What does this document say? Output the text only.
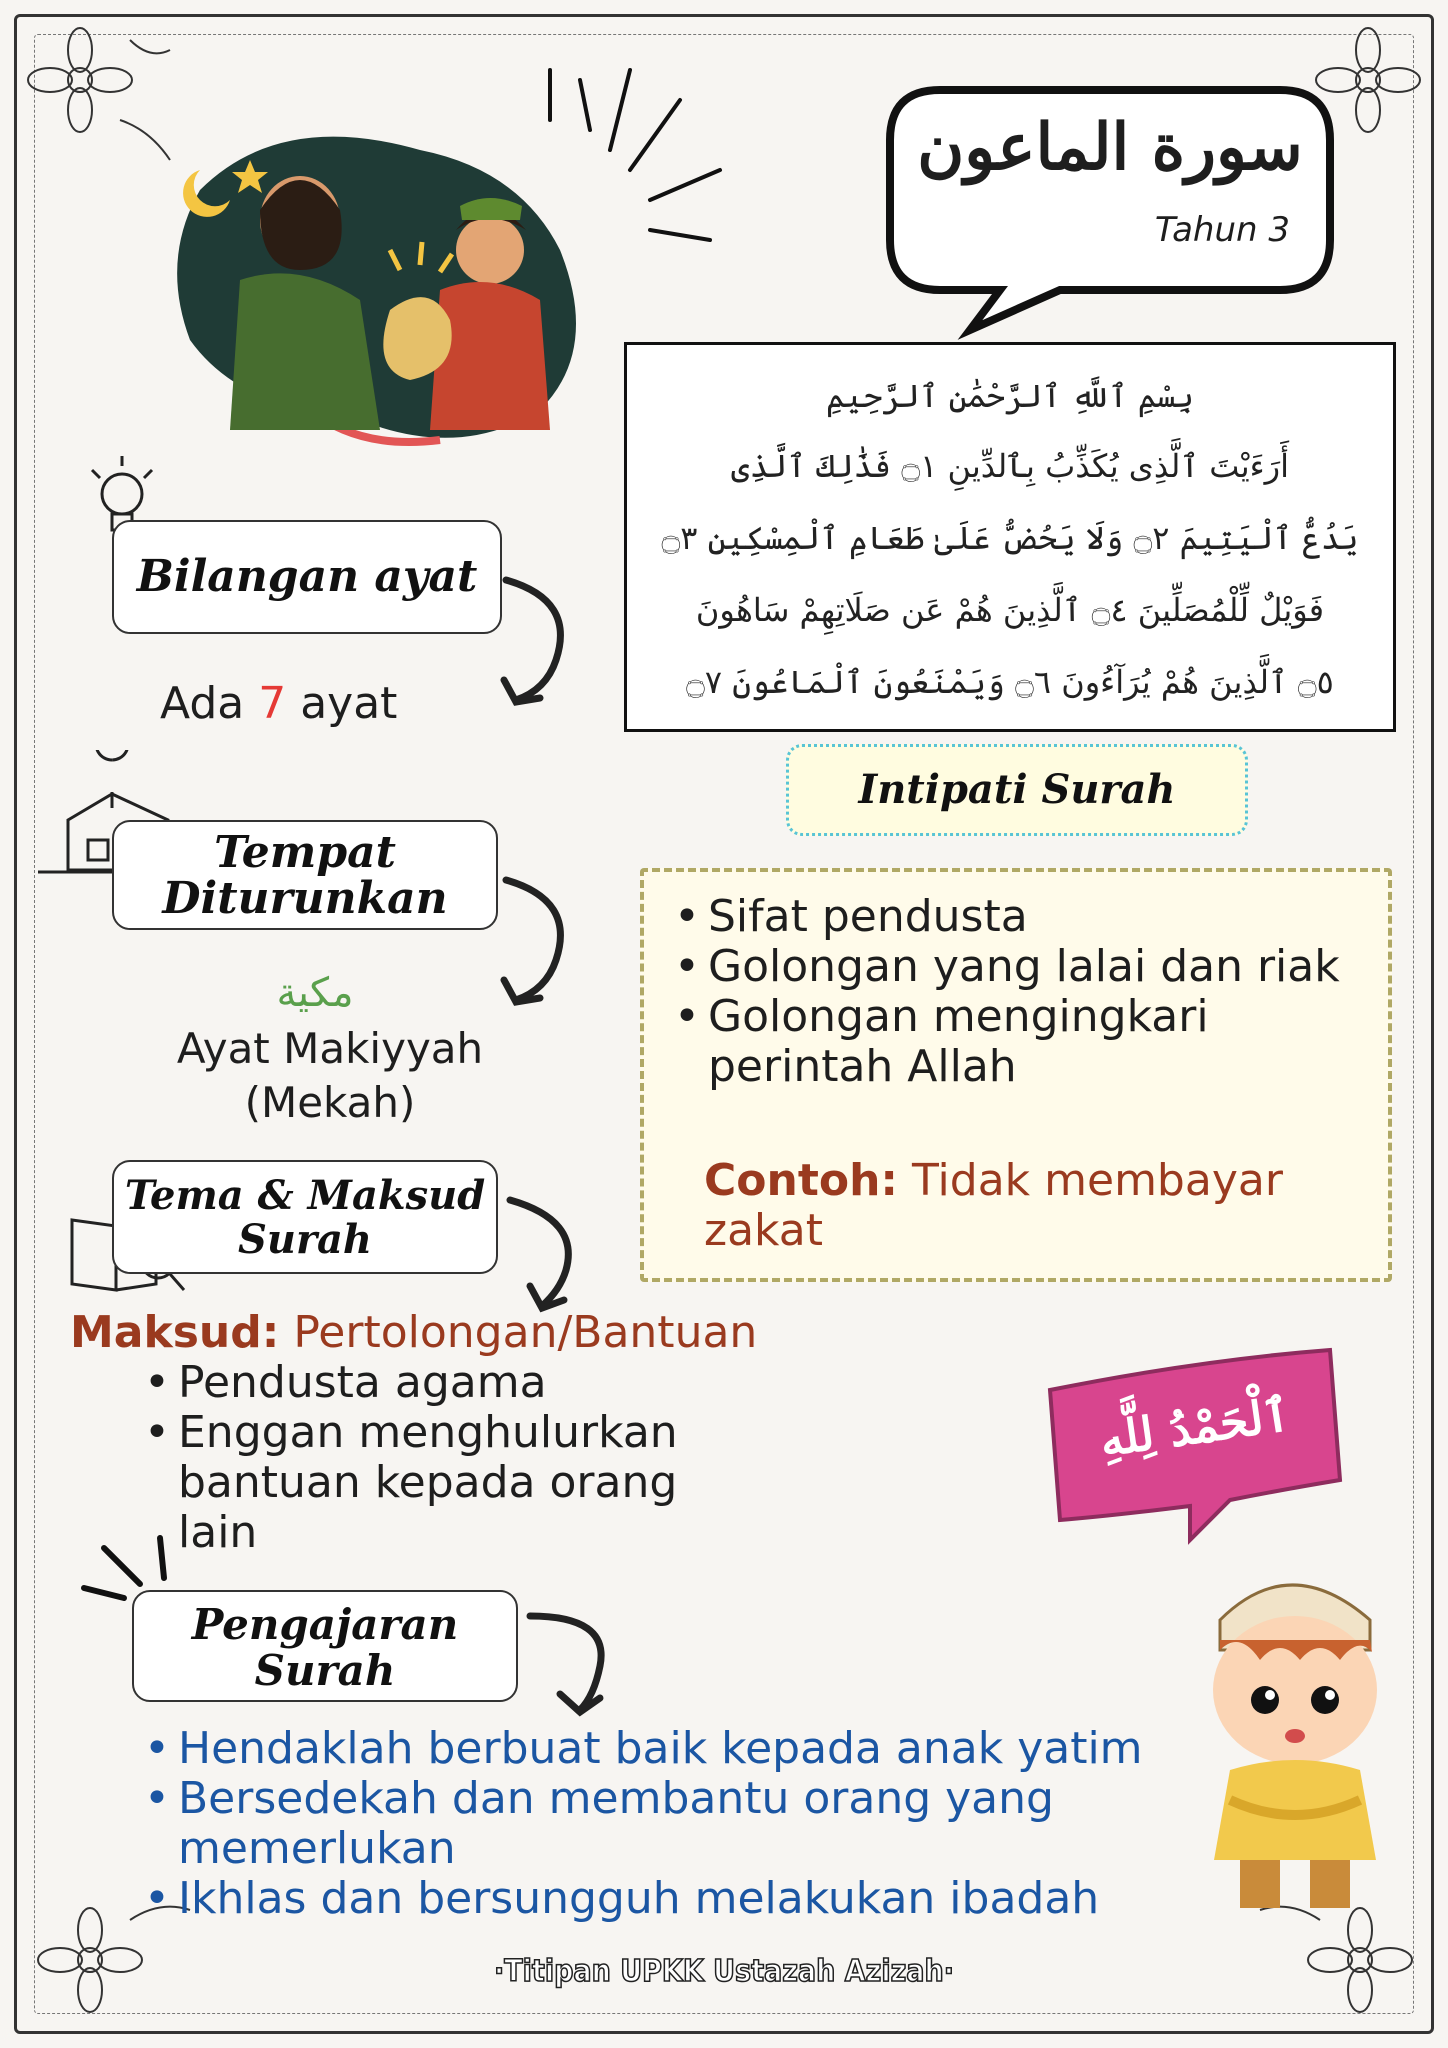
سورة الماعون
Tahun 3
بِسْمِ ٱللَّهِ ٱلرَّحْمَٰنِ ٱلرَّحِيمِ
أَرَءَيْتَ ٱلَّذِى يُكَذِّبُ بِٱلدِّينِ ۝١ فَذَٰلِكَ ٱلَّذِى
يَدُعُّ ٱلْيَتِيمَ ۝٢ وَلَا يَحُضُّ عَلَىٰ طَعَامِ ٱلْمِسْكِينِ ۝٣
فَوَيْلٌ لِّلْمُصَلِّينَ ۝٤ ٱلَّذِينَ هُمْ عَن صَلَاتِهِمْ سَاهُونَ
۝٥ ٱلَّذِينَ هُمْ يُرَآءُونَ ۝٦ وَيَمْنَعُونَ ٱلْمَاعُونَ ۝٧
Bilangan ayat
Ada 7 ayat
Tempat
Diturunkan
مكية
Ayat Makiyyah
(Mekah)
Tema & Maksud
Surah
Maksud: Pertolongan/Bantuan
• Pendusta agama
• Enggan menghulurkan bantuan kepada orang lain
Intipati Surah
• Sifat pendusta
• Golongan yang lalai dan riak
• Golongan mengingkari perintah Allah
Contoh: Tidak membayar zakat
ٱلْحَمْدُ لِلَّهِ
Pengajaran
Surah
• Hendaklah berbuat baik kepada anak yatim
• Bersedekah dan membantu orang yang memerlukan
• Ikhlas dan bersungguh melakukan ibadah
·Titipan UPKK Ustazah Azizah·
